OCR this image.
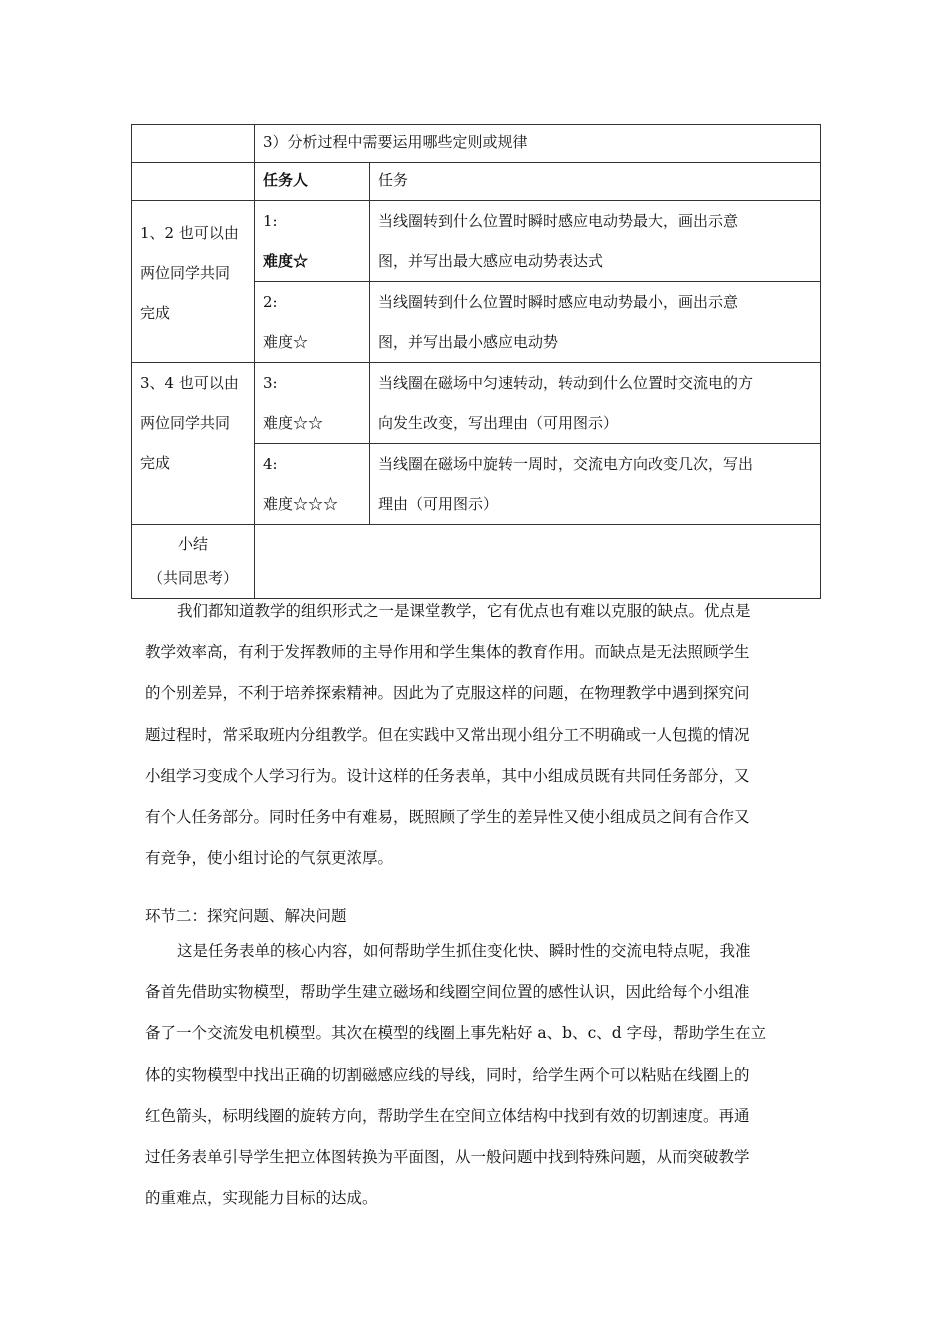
	3）分析过程中需要运用哪些定则或规律	
	任务人	任务

1、2 也可以由
两位同学共同
完成	1:
难度☆	当线圈转到什么位置时瞬时感应电动势最大，画出示意
图，并写出最大感应电动势表达式

	2:
难度☆	当线圈转到什么位置时瞬时感应电动势最小，画出示意
图，并写出最小感应电动势

3、4 也可以由
两位同学共同
完成	3:
难度☆☆	当线圈在磁场中匀速转动，转动到什么位置时交流电的方
向发生改变，写出理由（可用图示）

	4:
难度☆☆☆	当线圈在磁场中旋转一周时，交流电方向改变几次，写出
理由（可用图示）

小结
（共同思考）		

我们都知道教学的组织形式之一是课堂教学，它有优点也有难以克服的缺点。优点是
教学效率高，有利于发挥教师的主导作用和学生集体的教育作用。而缺点是无法照顾学生
的个别差异，不利于培养探索精神。因此为了克服这样的问题，在物理教学中遇到探究问
题过程时，常采取班内分组教学。但在实践中又常出现小组分工不明确或一人包揽的情况
小组学习变成个人学习行为。设计这样的任务表单，其中小组成员既有共同任务部分，又
有个人任务部分。同时任务中有难易，既照顾了学生的差异性又使小组成员之间有合作又
有竞争，使小组讨论的气氛更浓厚。
环节二：探究问题、解决问题
这是任务表单的核心内容，如何帮助学生抓住变化快、瞬时性的交流电特点呢，我准
备首先借助实物模型，帮助学生建立磁场和线圈空间位置的感性认识，因此给每个小组准
备了一个交流发电机模型。其次在模型的线圈上事先粘好 a、b、c、d 字母，帮助学生在立
体的实物模型中找出正确的切割磁感应线的导线，同时，给学生两个可以粘贴在线圈上的
红色箭头，标明线圈的旋转方向，帮助学生在空间立体结构中找到有效的切割速度。再通
过任务表单引导学生把立体图转换为平面图，从一般问题中找到特殊问题，从而突破教学
的重难点，实现能力目标的达成。
